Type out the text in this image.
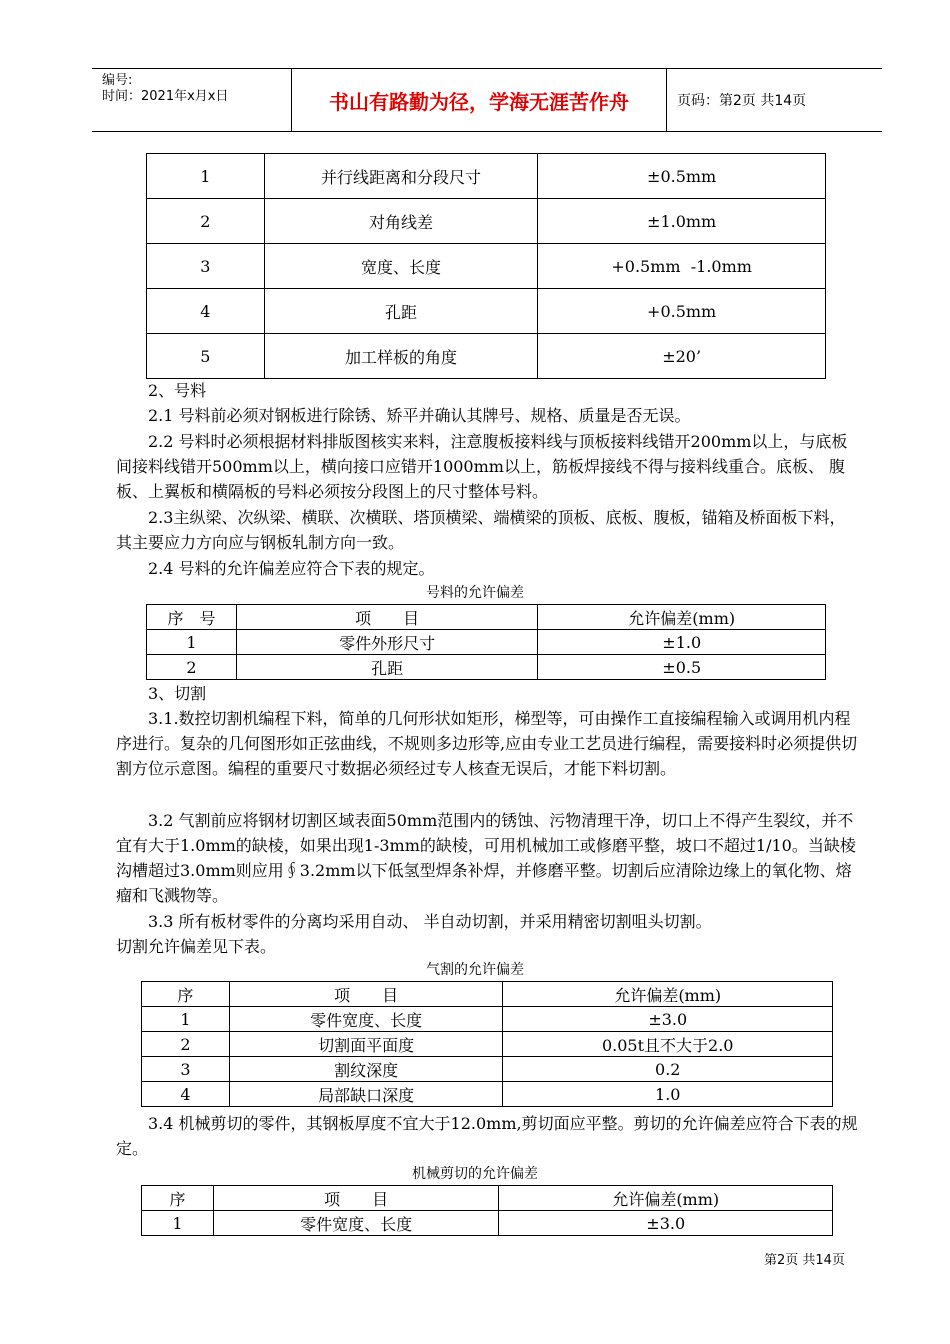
编号:
时间：2021年x月x日	书山有路勤为径，学海无涯苦作舟	页码：第2页 共14页
1	并行线距离和分段尺寸	±0.5mm
2	对角线差	±1.0mm
3	宽度、长度	+0.5mm  -1.0mm
4	孔距	+0.5mm
5	加工样板的角度	±20’

2、号料

2.1 号料前必须对钢板进行除锈、矫平并确认其牌号、规格、质量是否无误。

2.2 号料时必须根据材料排版图核实来料，注意腹板接料线与顶板接料线错开200mm以上，与底板间接料线错开500mm以上，横向接口应错开1000mm以上，筋板焊接线不得与接料线重合。底板、 腹板、上翼板和横隔板的号料必须按分段图上的尺寸整体号料。

2.3主纵梁、次纵梁、横联、次横联、塔顶横梁、端横梁的顶板、底板、腹板，锚箱及桥面板下料，其主要应力方向应与钢板轧制方向一致。

2.4 号料的允许偏差应符合下表的规定。

号料的允许偏差
序　号	项　　目	允许偏差(mm)
1	零件外形尺寸	±1.0
2	孔距	±0.5

3、切割

3.1.数控切割机编程下料，简单的几何形状如矩形，梯型等，可由操作工直接编程输入或调用机内程序进行。复杂的几何图形如正弦曲线，不规则多边形等,应由专业工艺员进行编程，需要接料时必须提供切割方位示意图。编程的重要尺寸数据必须经过专人核查无误后，才能下料切割。

3.2 气割前应将钢材切割区域表面50mm范围内的锈蚀、污物清理干净，切口上不得产生裂纹，并不宜有大于1.0mm的缺棱，如果出现1-3mm的缺棱，可用机械加工或修磨平整，坡口不超过1/10。当缺棱沟槽超过3.0mm则应用∮3.2mm以下低氢型焊条补焊，并修磨平整。切割后应清除边缘上的氧化物、熔瘤和飞溅物等。

3.3 所有板材零件的分离均采用自动、 半自动切割，并采用精密切割咀头切割。

切割允许偏差见下表。

气割的允许偏差
序	项　　目	允许偏差(mm)
1	零件宽度、长度	±3.0
2	切割面平面度	0.05t且不大于2.0
3	割纹深度	0.2
4	局部缺口深度	1.0

3.4 机械剪切的零件，其钢板厚度不宜大于12.0mm,剪切面应平整。剪切的允许偏差应符合下表的规定。

机械剪切的允许偏差
序	项　　目	允许偏差(mm)
1	零件宽度、长度	±3.0
第2页 共14页
